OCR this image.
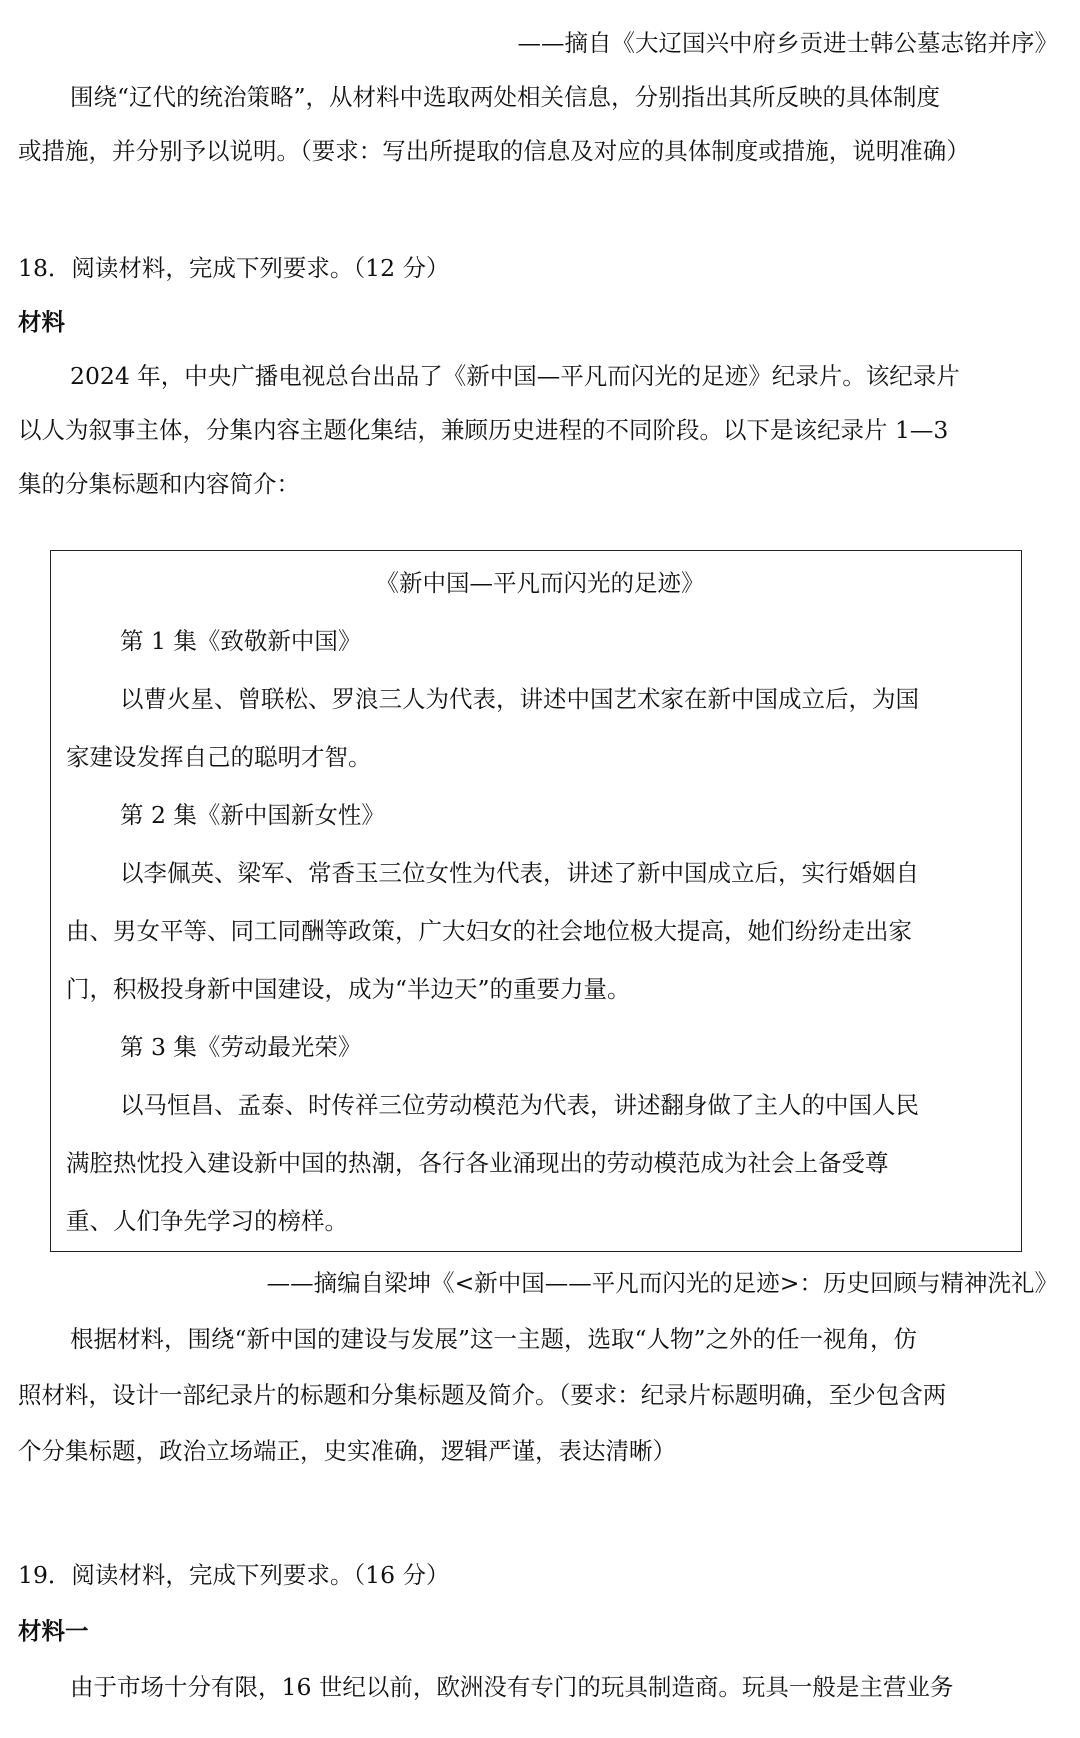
——摘自《大辽国兴中府乡贡进士韩公墓志铭并序》
围绕“辽代的统治策略”，从材料中选取两处相关信息，分别指出其所反映的具体制度
或措施，并分别予以说明。（要求：写出所提取的信息及对应的具体制度或措施，说明准确）
18．阅读材料，完成下列要求。（12 分）
材料
2024 年，中央广播电视总台出品了《新中国—平凡而闪光的足迹》纪录片。该纪录片
以人为叙事主体，分集内容主题化集结，兼顾历史进程的不同阶段。以下是该纪录片 1—3
集的分集标题和内容简介：
《新中国—平凡而闪光的足迹》
第 1 集《致敬新中国》
以曹火星、曾联松、罗浪三人为代表，讲述中国艺术家在新中国成立后，为国
家建设发挥自己的聪明才智。
第 2 集《新中国新女性》
以李佩英、梁军、常香玉三位女性为代表，讲述了新中国成立后，实行婚姻自
由、男女平等、同工同酬等政策，广大妇女的社会地位极大提高，她们纷纷走出家
门，积极投身新中国建设，成为“半边天”的重要力量。
第 3 集《劳动最光荣》
以马恒昌、孟泰、时传祥三位劳动模范为代表，讲述翻身做了主人的中国人民
满腔热忱投入建设新中国的热潮，各行各业涌现出的劳动模范成为社会上备受尊
重、人们争先学习的榜样。
——摘编自梁坤《<新中国——平凡而闪光的足迹>：历史回顾与精神洗礼》
根据材料，围绕“新中国的建设与发展”这一主题，选取“人物”之外的任一视角，仿
照材料，设计一部纪录片的标题和分集标题及简介。（要求：纪录片标题明确，至少包含两
个分集标题，政治立场端正，史实准确，逻辑严谨，表达清晰）
19．阅读材料，完成下列要求。（16 分）
材料一
由于市场十分有限，16 世纪以前，欧洲没有专门的玩具制造商。玩具一般是主营业务
